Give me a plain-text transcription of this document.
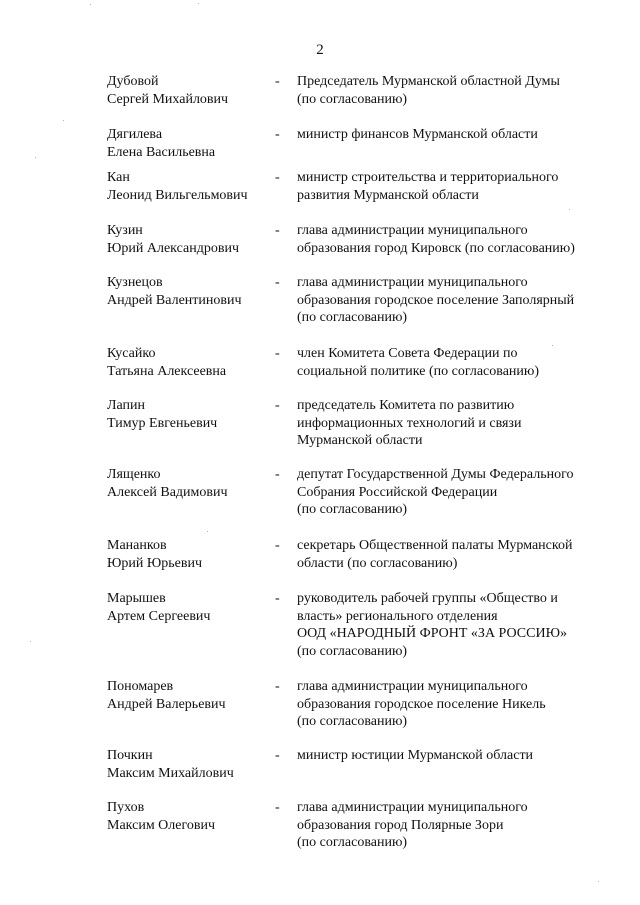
2
Дубовой
Сергей Михайлович
- Председатель Мурманской областной Думы
(по согласованию)
Дягилева
Елена Васильевна
- министр финансов Мурманской области
Кан
Леонид Вильгельмович
- министр строительства и территориального
развития Мурманской области
Кузин
Юрий Александрович
- глава администрации муниципального
образования город Кировск (по согласованию)
Кузнецов
Андрей Валентинович
- глава администрации муниципального
образования городское поселение Заполярный
(по согласованию)
Кусайко
Татьяна Алексеевна
- член Комитета Совета Федерации по
социальной политике (по согласованию)
Лапин
Тимур Евгеньевич
- председатель Комитета по развитию
информационных технологий и связи
Мурманской области
Лященко
Алексей Вадимович
- депутат Государственной Думы Федерального
Собрания Российской Федерации
(по согласованию)
Мананков
Юрий Юрьевич
- секретарь Общественной палаты Мурманской
области (по согласованию)
Марышев
Артем Сергеевич
- руководитель рабочей группы «Общество и
власть» регионального отделения
ООД «НАРОДНЫЙ ФРОНТ «ЗА РОССИЮ»
(по согласованию)
Пономарев
Андрей Валерьевич
- глава администрации муниципального
образования городское поселение Никель
(по согласованию)
Почкин
Максим Михайлович
- министр юстиции Мурманской области
Пухов
Максим Олегович
- глава администрации муниципального
образования город Полярные Зори
(по согласованию)
